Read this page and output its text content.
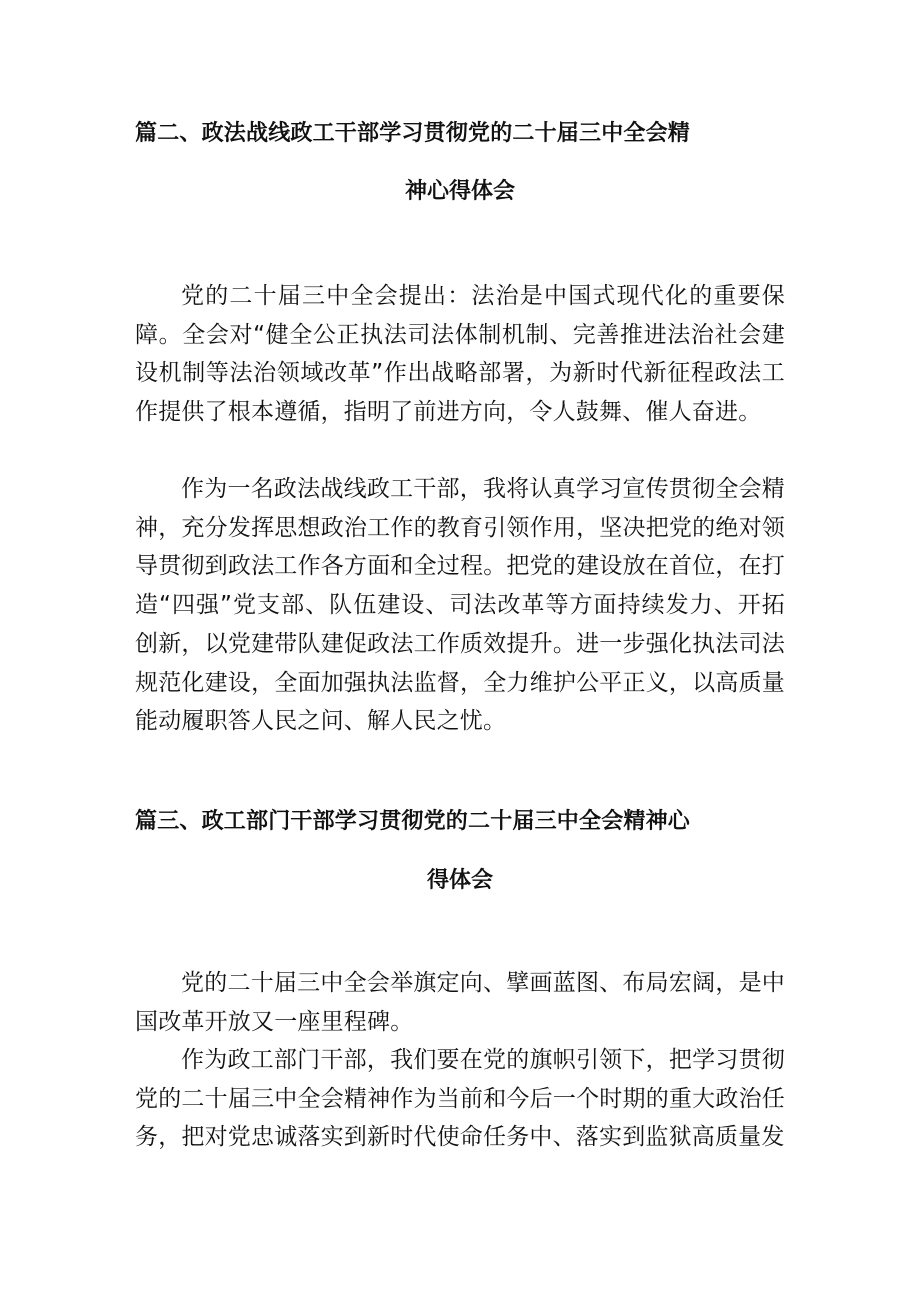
篇二、政法战线政工干部学习贯彻党的二十届三中全会精
神心得体会

党的二十届三中全会提出：法治是中国式现代化的重要保障。全会对“健全公正执法司法体制机制、完善推进法治社会建设机制等法治领域改革”作出战略部署，为新时代新征程政法工作提供了根本遵循，指明了前进方向，令人鼓舞、催人奋进。

作为一名政法战线政工干部，我将认真学习宣传贯彻全会精神，充分发挥思想政治工作的教育引领作用，坚决把党的绝对领导贯彻到政法工作各方面和全过程。把党的建设放在首位，在打造“四强”党支部、队伍建设、司法改革等方面持续发力、开拓创新，以党建带队建促政法工作质效提升。进一步强化执法司法规范化建设，全面加强执法监督，全力维护公平正义，以高质量能动履职答人民之问、解人民之忧。

篇三、政工部门干部学习贯彻党的二十届三中全会精神心
得体会

党的二十届三中全会举旗定向、擘画蓝图、布局宏阔，是中国改革开放又一座里程碑。

作为政工部门干部，我们要在党的旗帜引领下，把学习贯彻党的二十届三中全会精神作为当前和今后一个时期的重大政治任务，把对党忠诚落实到新时代使命任务中、落实到监狱高质量发
